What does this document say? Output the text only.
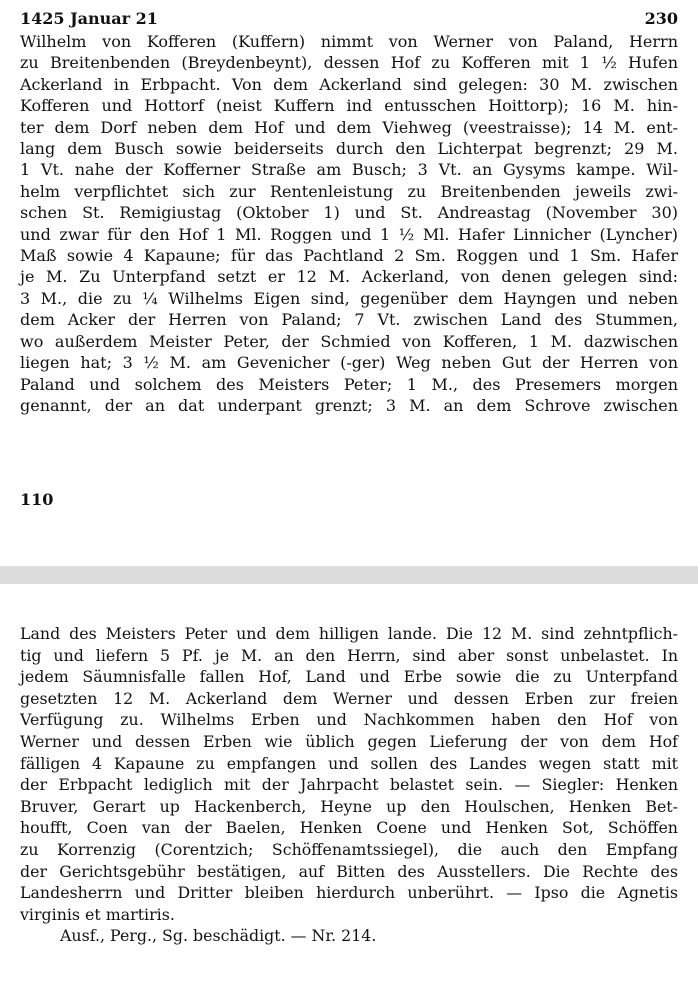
1425 Januar 21	230
Wilhelm von Kofferen (Kuffern) nimmt von Werner von Paland, Herrn
zu Breitenbenden (Breydenbeynt), dessen Hof zu Kofferen mit 1 ½ Hufen
Ackerland in Erbpacht. Von dem Ackerland sind gelegen: 30 M. zwischen
Kofferen und Hottorf (neist Kuffern ind entusschen Hoittorp); 16 M. hin-
ter dem Dorf neben dem Hof und dem Viehweg (veestraisse); 14 M. ent-
lang dem Busch sowie beiderseits durch den Lichterpat begrenzt; 29 M.
1 Vt. nahe der Kofferner Straße am Busch; 3 Vt. an Gysyms kampe. Wil-
helm verpflichtet sich zur Rentenleistung zu Breitenbenden jeweils zwi-
schen St. Remigiustag (Oktober 1) und St. Andreastag (November 30)
und zwar für den Hof 1 Ml. Roggen und 1 ½ Ml. Hafer Linnicher (Lyncher)
Maß sowie 4 Kapaune; für das Pachtland 2 Sm. Roggen und 1 Sm. Hafer
je M. Zu Unterpfand setzt er 12 M. Ackerland, von denen gelegen sind:
3 M., die zu ¼ Wilhelms Eigen sind, gegenüber dem Hayngen und neben
dem Acker der Herren von Paland; 7 Vt. zwischen Land des Stummen,
wo außerdem Meister Peter, der Schmied von Kofferen, 1 M. dazwischen
liegen hat; 3 ½ M. am Gevenicher (-ger) Weg neben Gut der Herren von
Paland und solchem des Meisters Peter; 1 M., des Presemers morgen
genannt, der an dat underpant grenzt; 3 M. an dem Schrove zwischen
110
Land des Meisters Peter und dem hilligen lande. Die 12 M. sind zehntpflich-
tig und liefern 5 Pf. je M. an den Herrn, sind aber sonst unbelastet. In
jedem Säumnisfalle fallen Hof, Land und Erbe sowie die zu Unterpfand
gesetzten 12 M. Ackerland dem Werner und dessen Erben zur freien
Verfügung zu. Wilhelms Erben und Nachkommen haben den Hof von
Werner und dessen Erben wie üblich gegen Lieferung der von dem Hof
fälligen 4 Kapaune zu empfangen und sollen des Landes wegen statt mit
der Erbpacht lediglich mit der Jahrpacht belastet sein. — Siegler: Henken
Bruver, Gerart up Hackenberch, Heyne up den Houlschen, Henken Bet-
houfft, Coen van der Baelen, Henken Coene und Henken Sot, Schöffen
zu Korrenzig (Corentzich; Schöffenamtssiegel), die auch den Empfang
der Gerichtsgebühr bestätigen, auf Bitten des Ausstellers. Die Rechte des
Landesherrn und Dritter bleiben hierdurch unberührt. — Ipso die Agnetis
virginis et martiris.
Ausf., Perg., Sg. beschädigt. — Nr. 214.
